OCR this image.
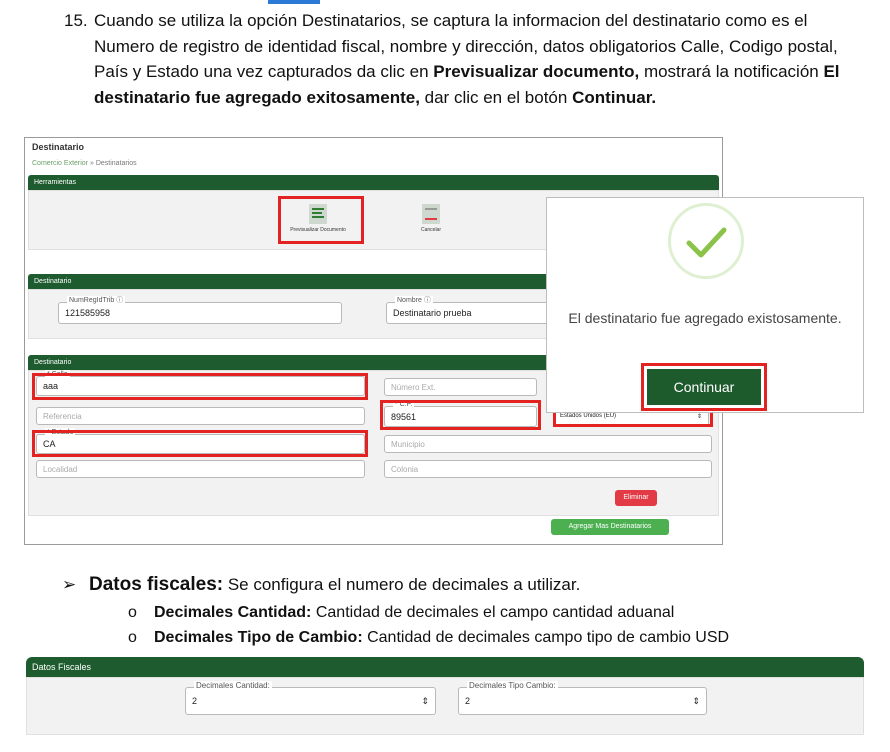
15. Cuando se utiliza la opción Destinatarios, se captura la informacion del destinatario como es el Numero de registro de identidad fiscal, nombre y dirección, datos obligatorios Calle, Codigo postal, País y Estado una vez capturados da clic en Previsualizar documento, mostrará la notificación El destinatario fue agregado exitosamente, dar clic en el botón Continuar.
Destinatario
Comercio Exterior » Destinatarios
Herramientas
Previsualizar Documento	Cancelar
Destinatario
NumRegIdTrib ⓘ
121585958
Nombre ⓘ
Destinatario prueba
Destinatario
* Calle
aaa	Número Ext.
Referencia
* C.P.
89561	Estados Unidos (EU)	⇕
* Estado
CA	Municipio
Localidad	Colonia
Eliminar
Agregar Mas Destinatarios
El destinatario fue agregado existosamente.
Continuar
➢ Datos fiscales: Se configura el numero de decimales a utilizar.
o Decimales Cantidad: Cantidad de decimales el campo cantidad aduanal
o Decimales Tipo de Cambio: Cantidad de decimales campo tipo de cambio USD
Datos Fiscales
Decimales Cantidad:
2	⇕
Decimales Tipo Cambio:
2	⇕
